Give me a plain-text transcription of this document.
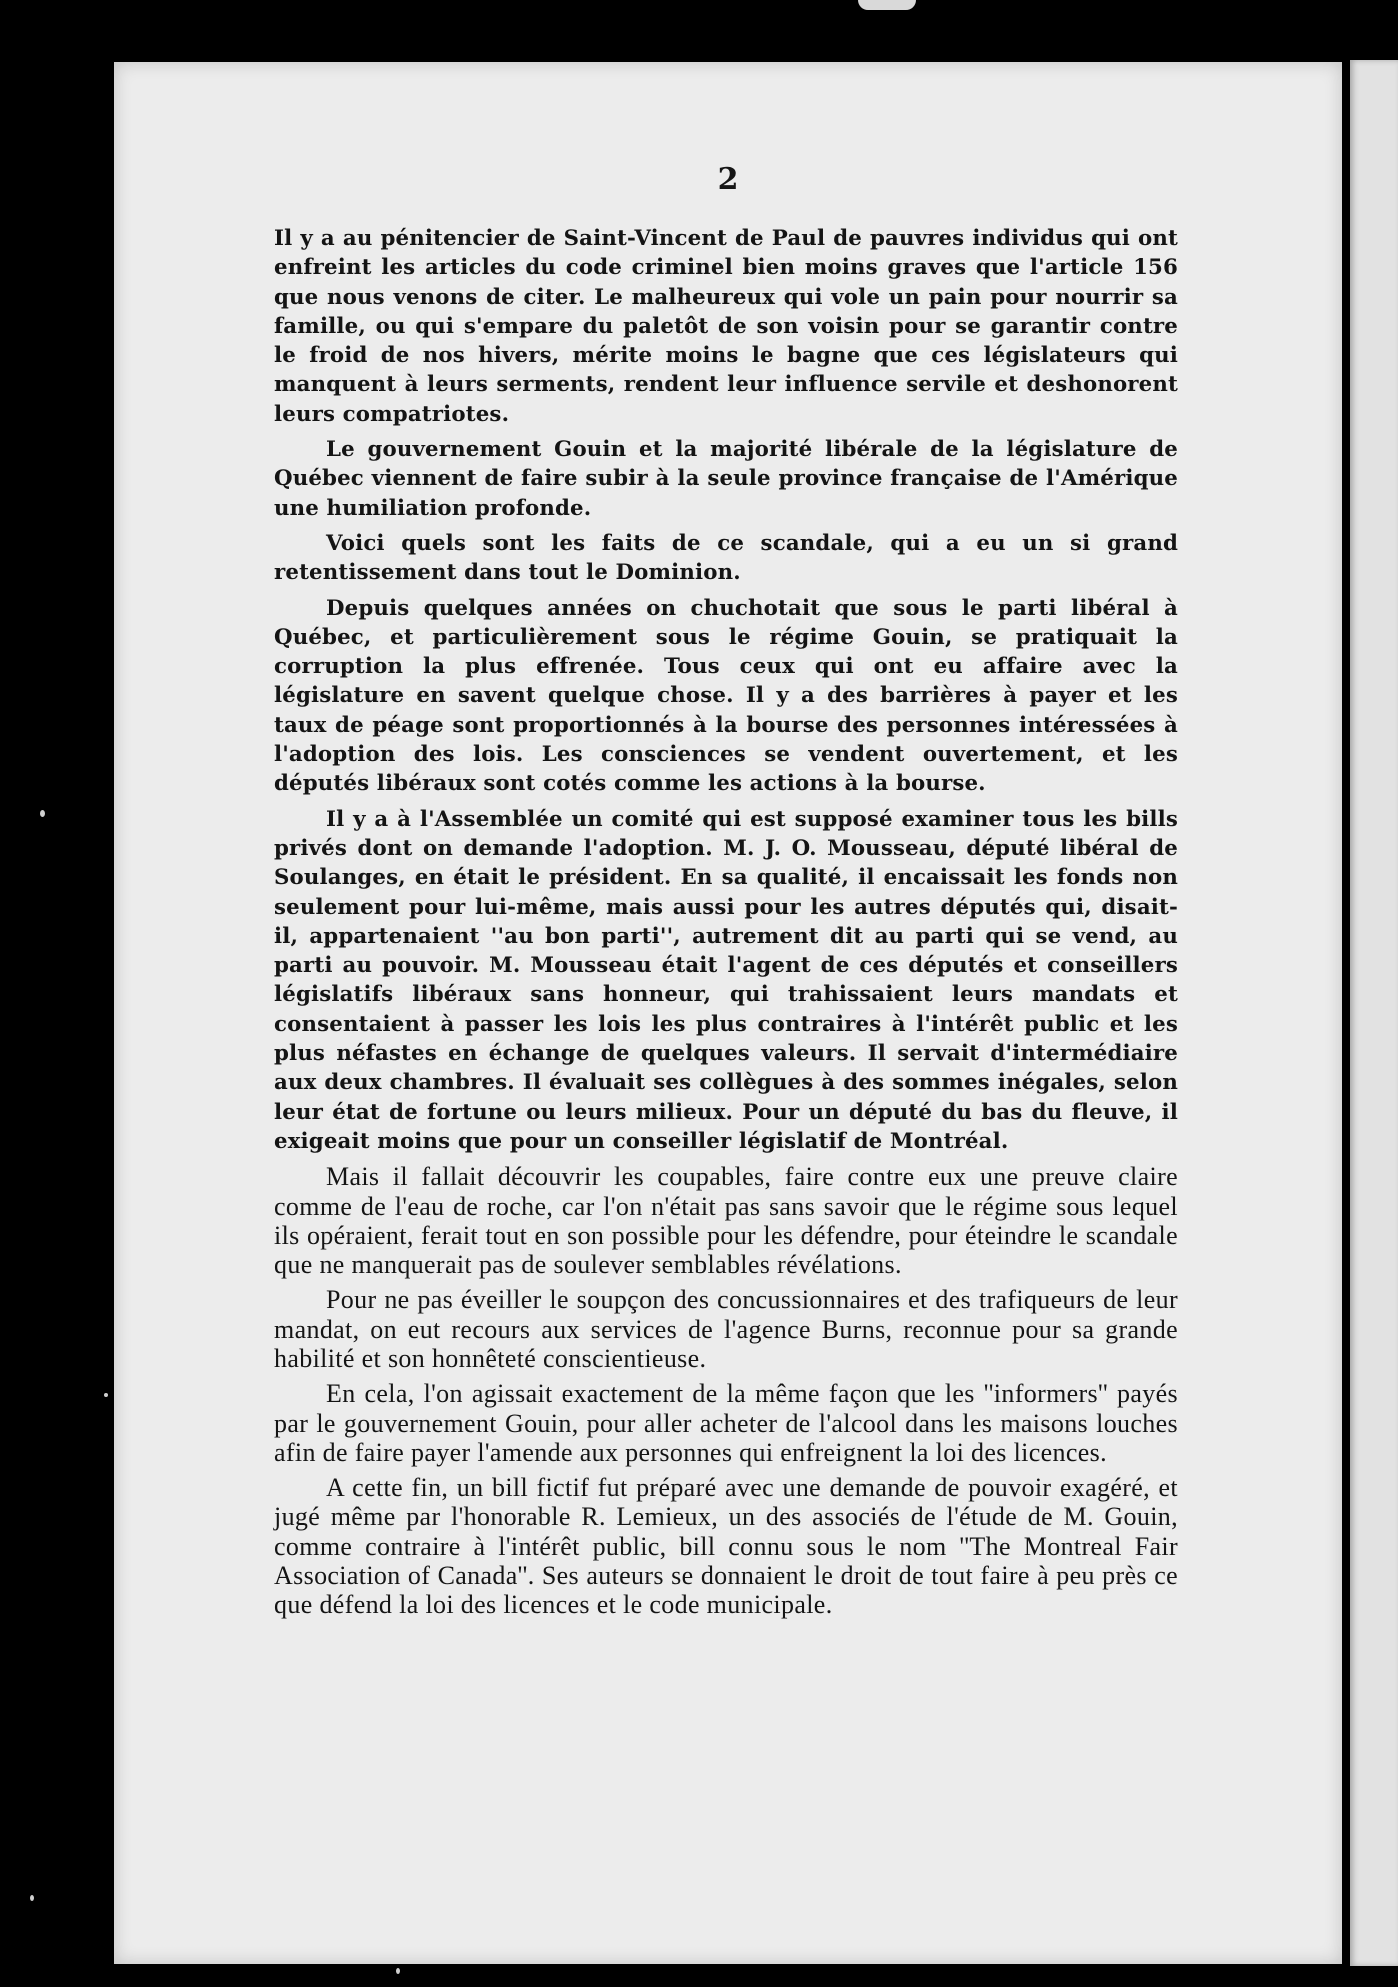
2

Il y a au pénitencier de Saint-Vincent de Paul de pauvres individus qui ont enfreint les articles du code criminel bien moins graves que l'article 156 que nous venons de citer. Le malheureux qui vole un pain pour nourrir sa famille, ou qui s'empare du paletôt de son voisin pour se garantir contre le froid de nos hivers, mérite moins le bagne que ces législateurs qui manquent à leurs serments, rendent leur influence servile et deshonorent leurs compatriotes.

Le gouvernement Gouin et la majorité libérale de la législature de Québec viennent de faire subir à la seule province française de l'Amérique une humiliation profonde.

Voici quels sont les faits de ce scandale, qui a eu un si grand retentissement dans tout le Dominion.

Depuis quelques années on chuchotait que sous le parti libéral à Québec, et particulièrement sous le régime Gouin, se pratiquait la corruption la plus effrenée. Tous ceux qui ont eu affaire avec la législature en savent quelque chose. Il y a des barrières à payer et les taux de péage sont proportionnés à la bourse des personnes intéressées à l'adoption des lois. Les consciences se vendent ouvertement, et les députés libéraux sont cotés comme les actions à la bourse.

Il y a à l'Assemblée un comité qui est supposé examiner tous les bills privés dont on demande l'adoption. M. J. O. Mousseau, député libéral de Soulanges, en était le président. En sa qualité, il encaissait les fonds non seulement pour lui-même, mais aussi pour les autres députés qui, disait-il, appartenaient ''au bon parti'', autrement dit au parti qui se vend, au parti au pouvoir. M. Mousseau était l'agent de ces députés et conseillers législatifs libéraux sans honneur, qui trahissaient leurs mandats et consentaient à passer les lois les plus contraires à l'intérêt public et les plus néfastes en échange de quelques valeurs. Il servait d'intermédiaire aux deux chambres. Il évaluait ses collègues à des sommes inégales, selon leur état de fortune ou leurs milieux. Pour un député du bas du fleuve, il exigeait moins que pour un conseiller législatif de Montréal.

Mais il fallait découvrir les coupables, faire contre eux une preuve claire comme de l'eau de roche, car l'on n'était pas sans savoir que le régime sous lequel ils opéraient, ferait tout en son possible pour les défendre, pour éteindre le scandale que ne manquerait pas de soulever semblables révélations.

Pour ne pas éveiller le soupçon des concussionnaires et des trafiqueurs de leur mandat, on eut recours aux services de l'agence Burns, reconnue pour sa grande habilité et son honnêteté conscientieuse.

En cela, l'on agissait exactement de la même façon que les ''informers'' payés par le gouvernement Gouin, pour aller acheter de l'alcool dans les maisons louches afin de faire payer l'amende aux personnes qui enfreignent la loi des licences.

A cette fin, un bill fictif fut préparé avec une demande de pouvoir exagéré, et jugé même par l'honorable R. Lemieux, un des associés de l'étude de M. Gouin, comme contraire à l'intérêt public, bill connu sous le nom ''The Montreal Fair Association of Canada''. Ses auteurs se donnaient le droit de tout faire à peu près ce que défend la loi des licences et le code municipale.
